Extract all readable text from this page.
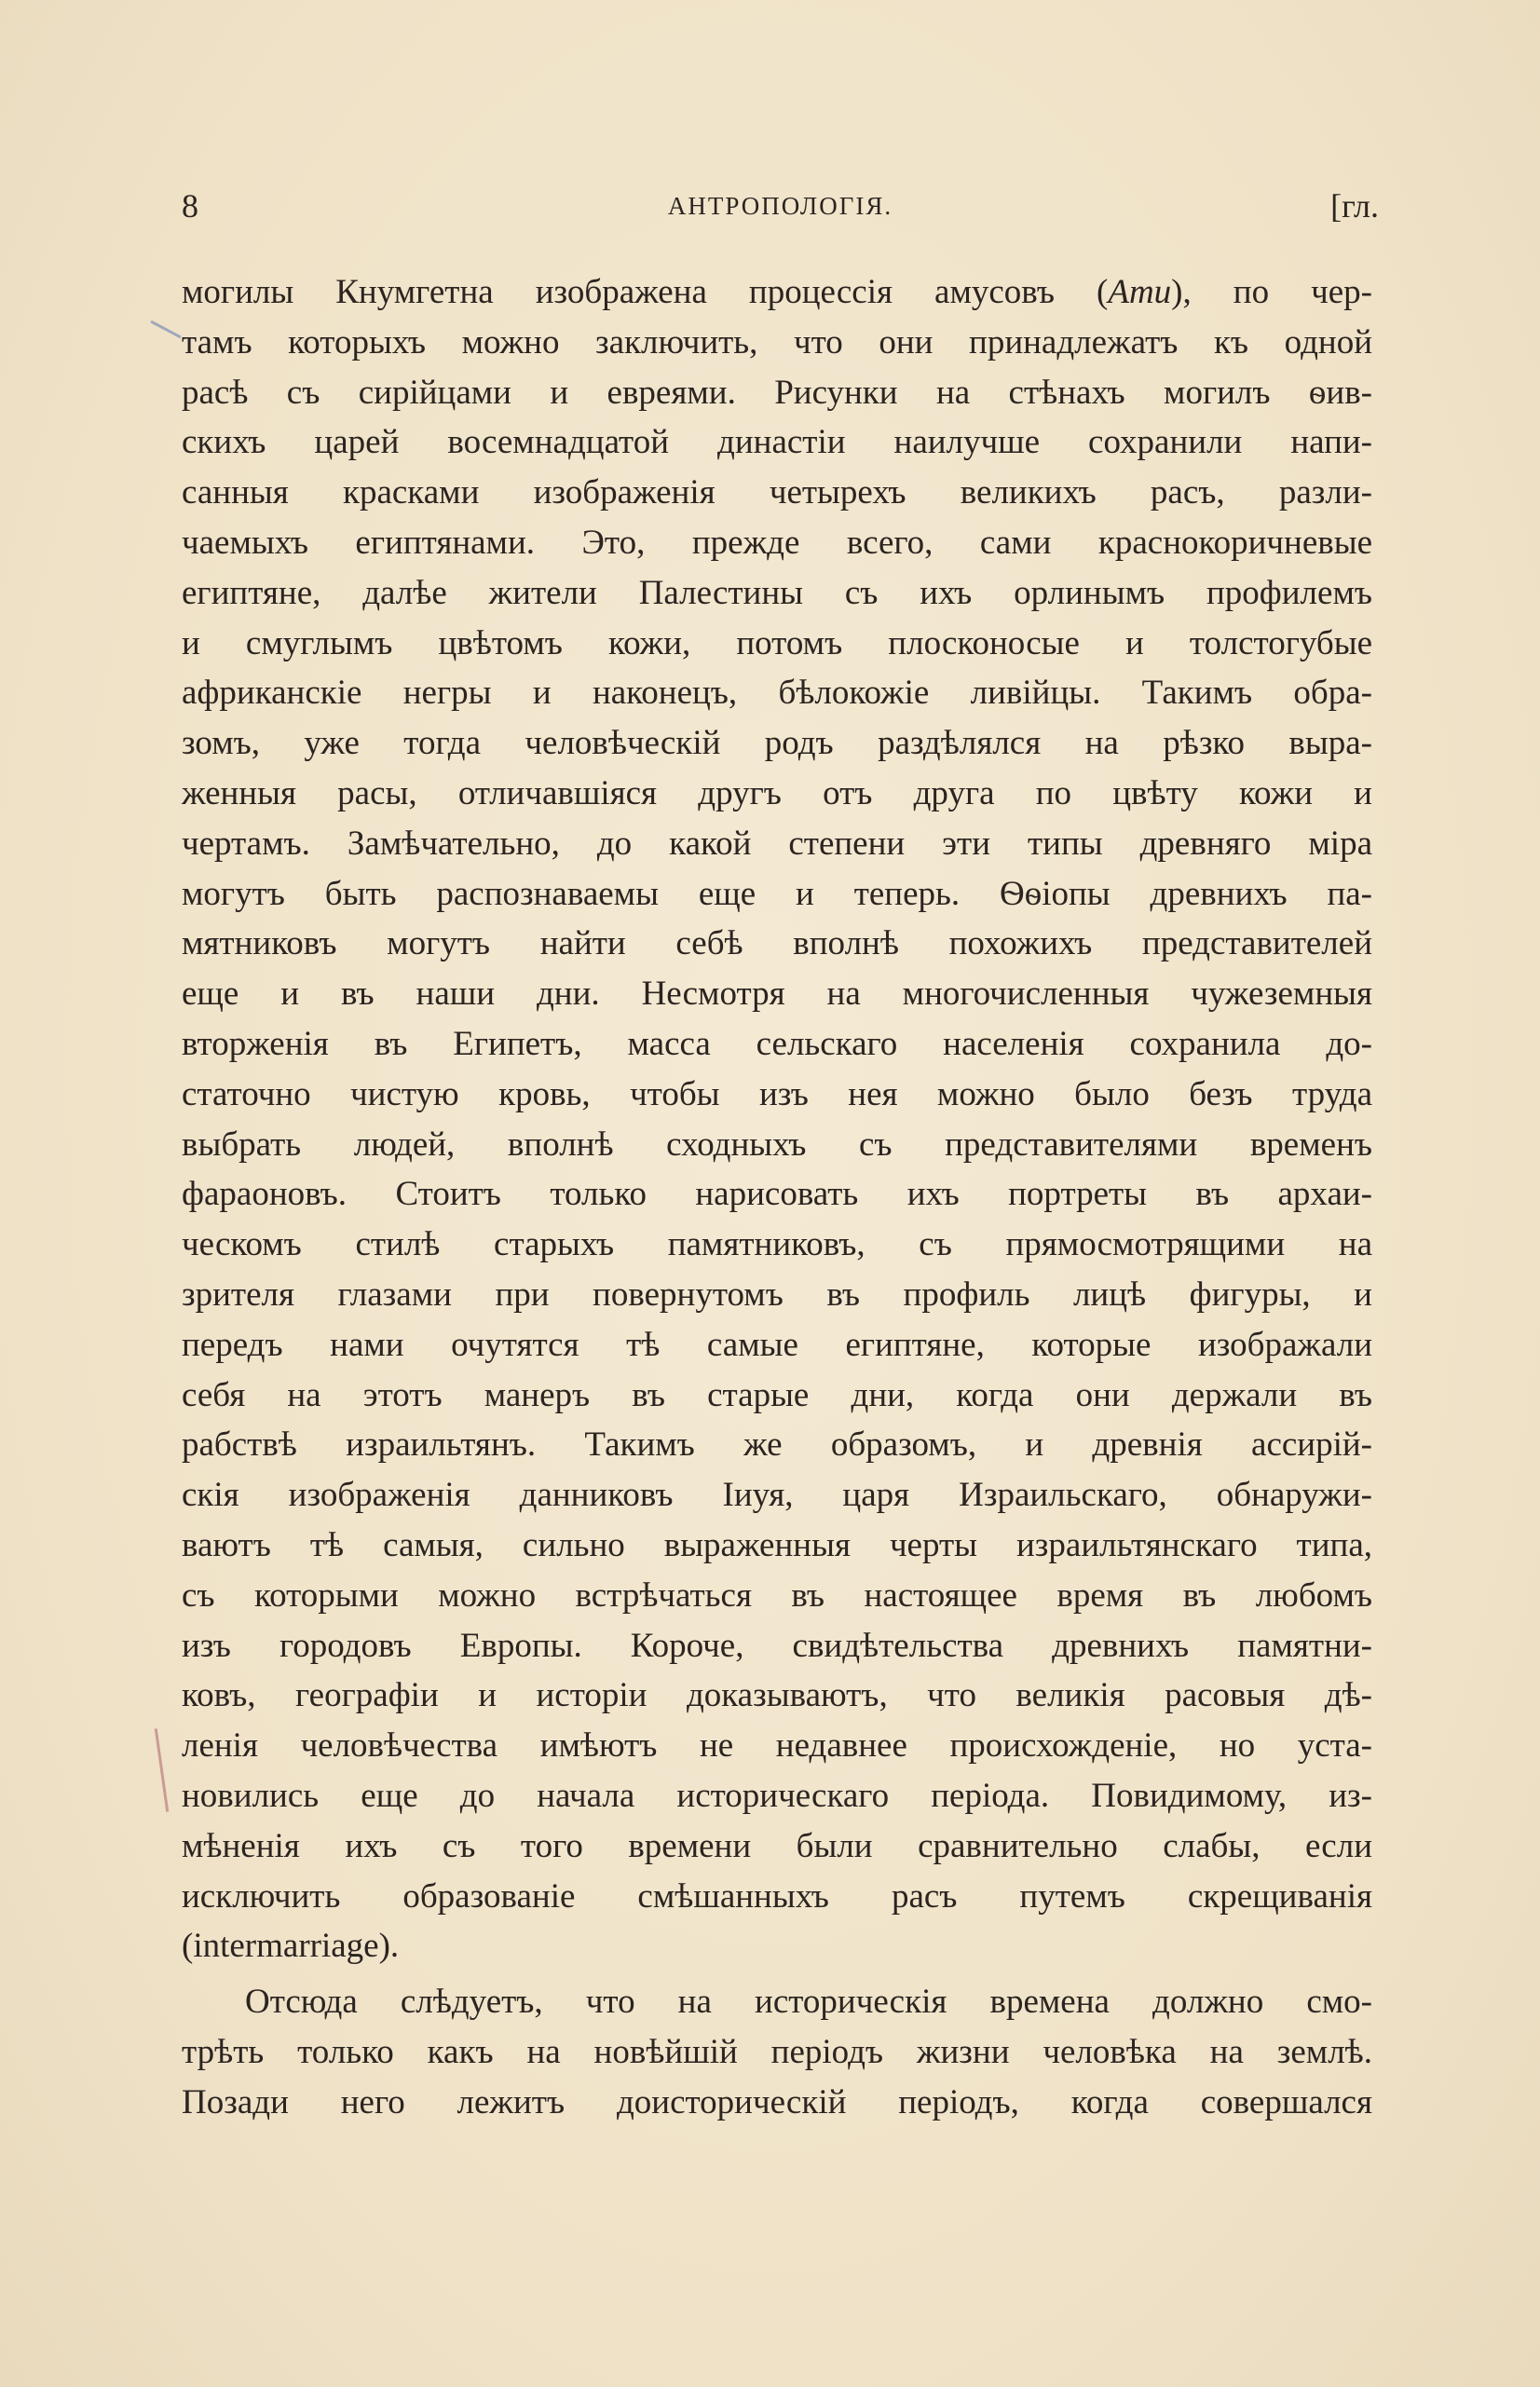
8	АНТРОПОЛОГІЯ.	[гл.
могилы Кнумгетна изображена процессія амусовъ (Аmu), по чер-
тамъ которыхъ можно заключить, что они принадлежатъ къ одной
расѣ съ сирійцами и евреями. Рисунки на стѣнахъ могилъ ѳив-
скихъ царей восемнадцатой династіи наилучше сохранили напи-
санныя красками изображенія четырехъ великихъ расъ, разли-
чаемыхъ египтянами. Это, прежде всего, сами краснокоричневые
египтяне, далѣе жители Палестины съ ихъ орлинымъ профилемъ
и смуглымъ цвѣтомъ кожи, потомъ плосконосые и толстогубые
африканскіе негры и наконецъ, бѣлокожіе ливійцы. Такимъ обра-
зомъ, уже тогда человѣческій родъ раздѣлялся на рѣзко выра-
женныя расы, отличавшіяся другъ отъ друга по цвѣту кожи и
чертамъ. Замѣчательно, до какой степени эти типы древняго міра
могутъ быть распознаваемы еще и теперь. Ѳѳіопы древнихъ па-
мятниковъ могутъ найти себѣ вполнѣ похожихъ представителей
еще и въ наши дни. Несмотря на многочисленныя чужеземныя
вторженія въ Египетъ, масса сельскаго населенія сохранила до-
статочно чистую кровь, чтобы изъ нея можно было безъ труда
выбрать людей, вполнѣ сходныхъ съ представителями временъ
фараоновъ. Стоитъ только нарисовать ихъ портреты въ архаи-
ческомъ стилѣ старыхъ памятниковъ, съ прямосмотрящими на
зрителя глазами при повернутомъ въ профиль лицѣ фигуры, и
передъ нами очутятся тѣ самые египтяне, которые изображали
себя на этотъ манеръ въ старые дни, когда они держали въ
рабствѣ израильтянъ. Такимъ же образомъ, и древнія ассирій-
скія изображенія данниковъ Іиуя, царя Израильскаго, обнаружи-
ваютъ тѣ самыя, сильно выраженныя черты израильтянскаго типа,
съ которыми можно встрѣчаться въ настоящее время въ любомъ
изъ городовъ Европы. Короче, свидѣтельства древнихъ памятни-
ковъ, географіи и исторіи доказываютъ, что великія расовыя дѣ-
ленія человѣчества имѣютъ не недавнее происхожденіе, но уста-
новились еще до начала историческаго періода. Повидимому, из-
мѣненія ихъ съ того времени были сравнительно слабы, если
исключить образованіе смѣшанныхъ расъ путемъ скрещиванія
(intermarriage).
Отсюда слѣдуетъ, что на историческія времена должно смо-
трѣть только какъ на новѣйшій періодъ жизни человѣка на землѣ.
Позади него лежитъ доисторическій періодъ, когда совершался
